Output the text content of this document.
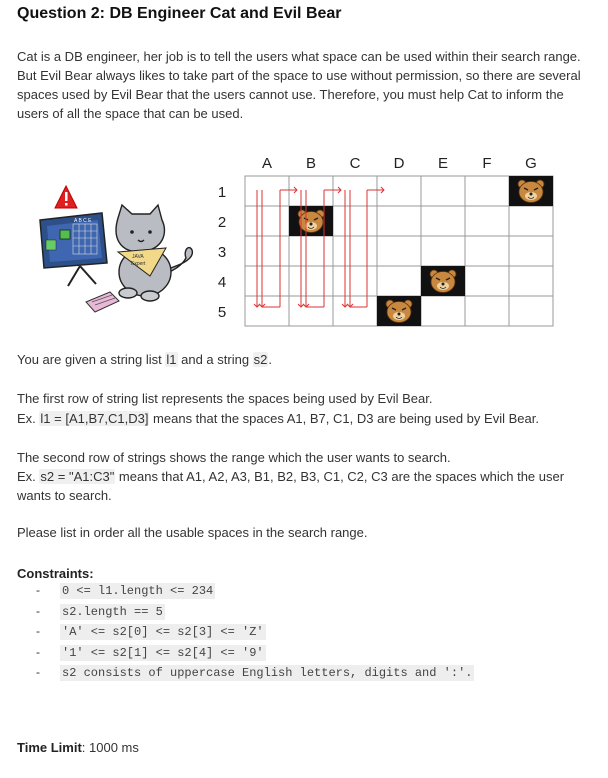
Question 2: DB Engineer Cat and Evil Bear
Cat is a DB engineer, her job is to tell the users what space can be used within their search range. But Evil Bear always likes to take part of the space to use without permission, so there are several spaces used by Evil Bear that the users cannot use. Therefore, you must help Cat to inform the users of all the space that can be used.
A B C E
JAVA
Expert
A B C D E F G
1
2
3
4
5
You are given a string list l1 and a string s2.
The first row of string list represents the spaces being used by Evil Bear.
Ex. l1 = [A1,B7,C1,D3] means that the spaces A1, B7, C1, D3 are being used by Evil Bear.
The second row of strings shows the range which the user wants to search.
Ex. s2 = "A1:C3" means that A1, A2, A3, B1, B2, B3, C1, C2, C3 are the spaces which the user wants to search.
Please list in order all the usable spaces in the search range.
Constraints:
- 0 <= l1.length <= 234
- s2.length == 5
- 'A' <= s2[0] <= s2[3] <= 'Z'
- '1' <= s2[1] <= s2[4] <= '9'
- s2 consists of uppercase English letters, digits and ':'.
Time Limit: 1000 ms
